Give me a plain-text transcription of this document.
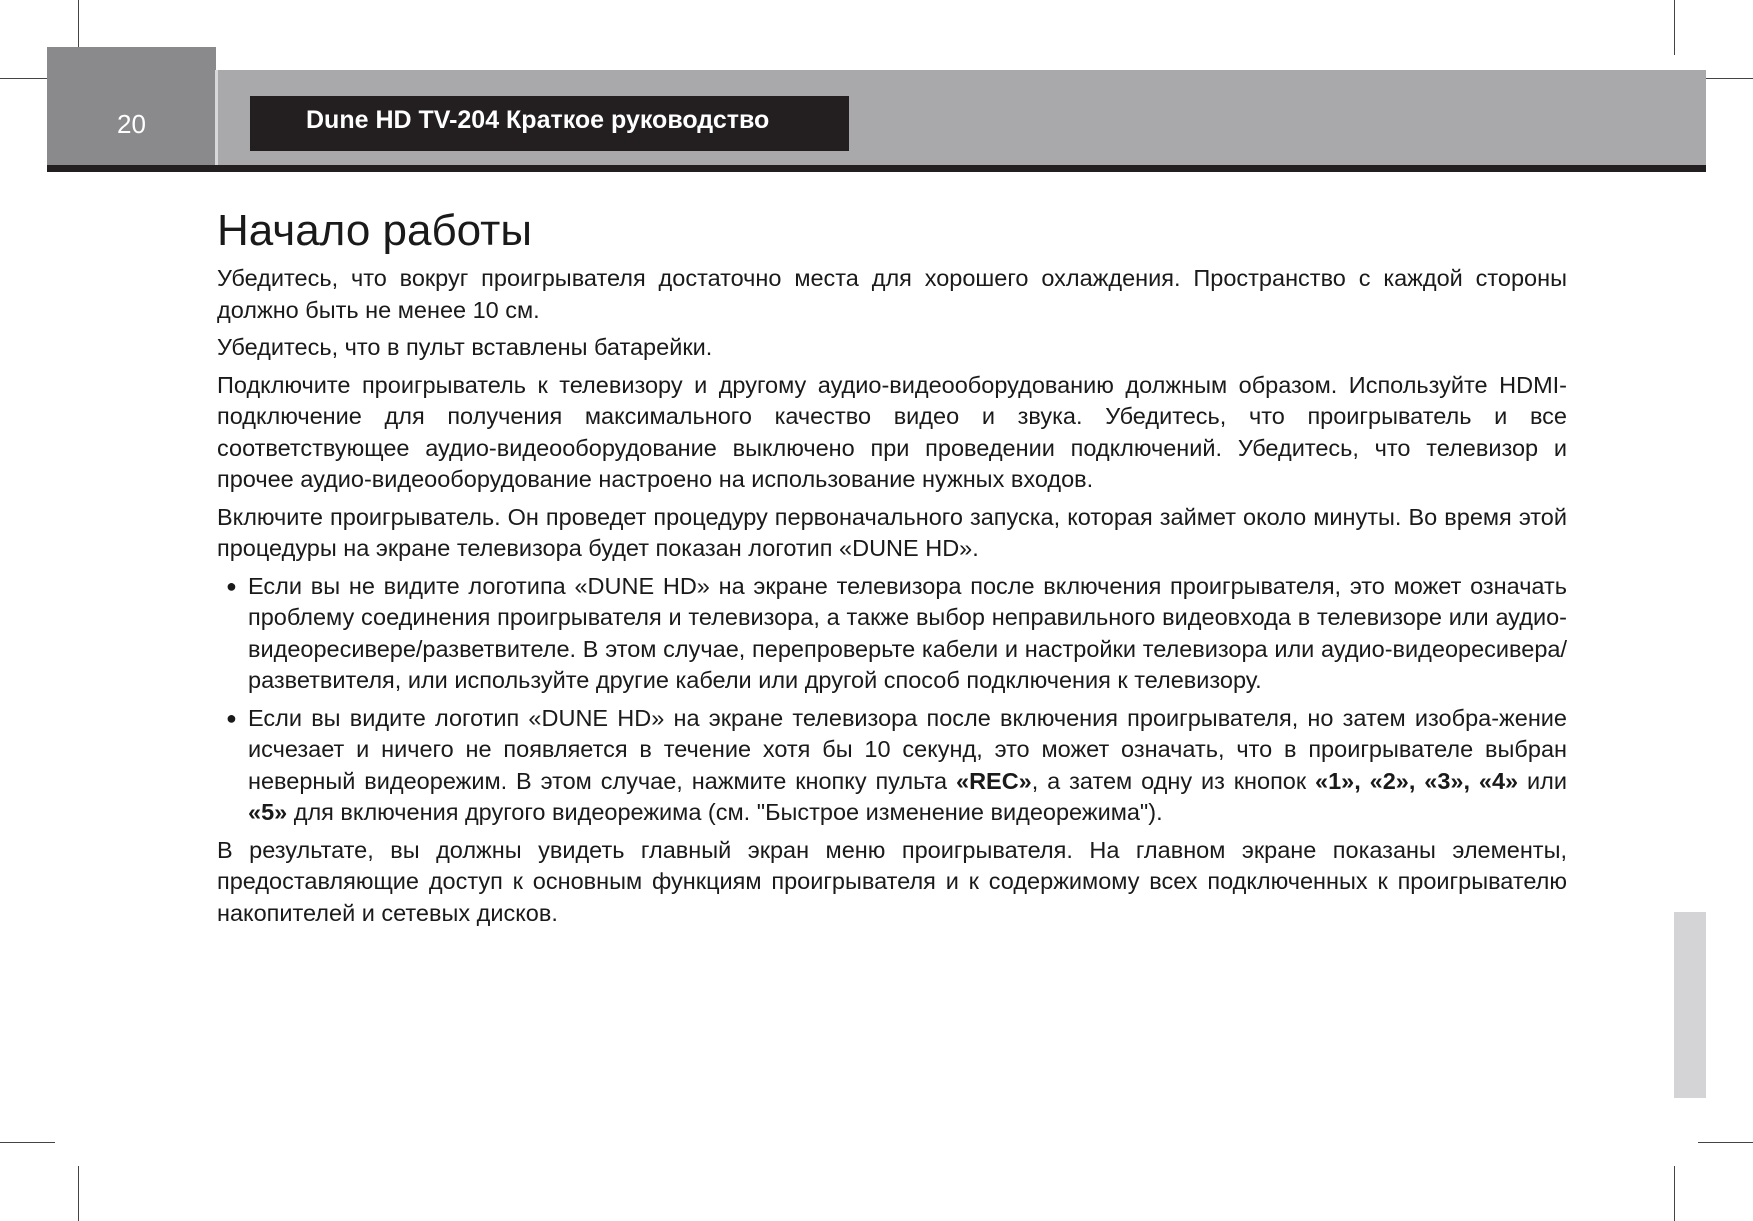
20	Dune HD TV-204 Краткое руководство
Начало работы

Убедитесь, что вокруг проигрывателя достаточно места для хорошего охлаждения. Пространство с каждой стороны должно быть не менее 10 см.

Убедитесь, что в пульт вставлены батарейки.

Подключите проигрыватель к телевизору и другому аудио-видеооборудованию должным образом. Используйте HDMI-подключение для получения максимального качество видео и звука. Убедитесь, что проигрыватель и все соответствующее аудио-видеооборудование выключено при проведении подключений. Убедитесь, что телевизор и прочее аудио-видеооборудование настроено на использование нужных входов.

Включите проигрыватель. Он проведет процедуру первоначального запуска, которая займет около минуты. Во время этой процедуры на экране телевизора будет показан логотип «DUNE HD».

● Если вы не видите логотипа «DUNE HD» на экране телевизора после включения проигрывателя, это может означать проблему соединения проигрывателя и телевизора, а также выбор неправильного видеовхода в телевизоре или аудио-видеоресивере/разветвителе. В этом случае, перепроверьте кабели и настройки телевизора или аудио-видеоресивера/разветвителя, или используйте другие кабели или другой способ подключения к телевизору.
● Если вы видите логотип «DUNE HD» на экране телевизора после включения проигрывателя, но затем изобра-жение исчезает и ничего не появляется в течение хотя бы 10 секунд, это может означать, что в проигрывателе выбран неверный видеорежим. В этом случае, нажмите кнопку пульта «REC», а затем одну из кнопок «1», «2», «3», «4» или «5» для включения другого видеорежима (см. "Быстрое изменение видеорежима").

В результате, вы должны увидеть главный экран меню проигрывателя. На главном экране показаны элементы, предоставляющие доступ к основным функциям проигрывателя и к содержимому всех подключенных к проигрывателю накопителей и сетевых дисков.
